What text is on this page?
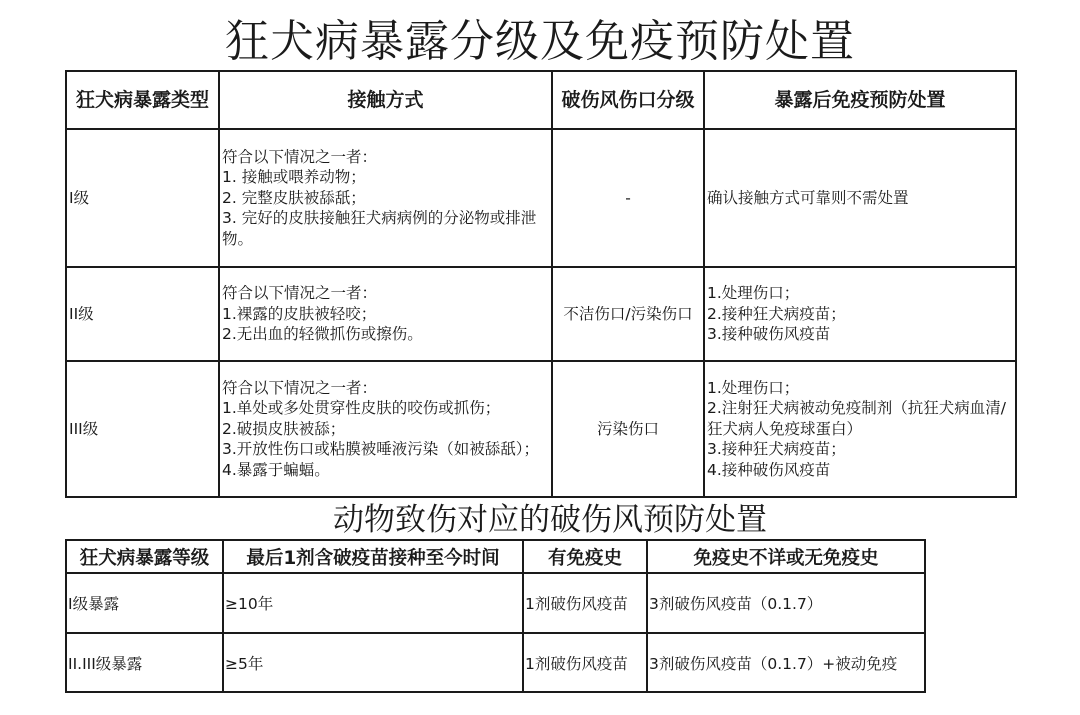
狂犬病暴露分级及免疫预防处置
狂犬病暴露类型	接触方式	破伤风伤口分级	暴露后免疫预防处置
I级	符合以下情况之一者：
1. 接触或喂养动物；
2. 完整皮肤被舔舐；
3. 完好的皮肤接触狂犬病病例的分泌物或排泄物。	-	确认接触方式可靠则不需处置

II级	符合以下情况之一者：
1.裸露的皮肤被轻咬；
2.无出血的轻微抓伤或擦伤。	不洁伤口/污染伤口	1.处理伤口；
2.接种狂犬病疫苗；
3.接种破伤风疫苗

III级	符合以下情况之一者：
1.单处或多处贯穿性皮肤的咬伤或抓伤；
2.破损皮肤被舔；
3.开放性伤口或粘膜被唾液污染（如被舔舐）；4.暴露于蝙蝠。	污染伤口	1.处理伤口；
2.注射狂犬病被动免疫制剂（抗狂犬病血清/狂犬病人免疫球蛋白）
3.接种狂犬病疫苗；
4.接种破伤风疫苗
动物致伤对应的破伤风预防处置
狂犬病暴露等级	最后1剂含破疫苗接种至今时间	有免疫史	免疫史不详或无免疫史
I级暴露	≥10年	1剂破伤风疫苗	3剂破伤风疫苗（0.1.7）
II.III级暴露	≥5年	1剂破伤风疫苗	3剂破伤风疫苗（0.1.7）+被动免疫
